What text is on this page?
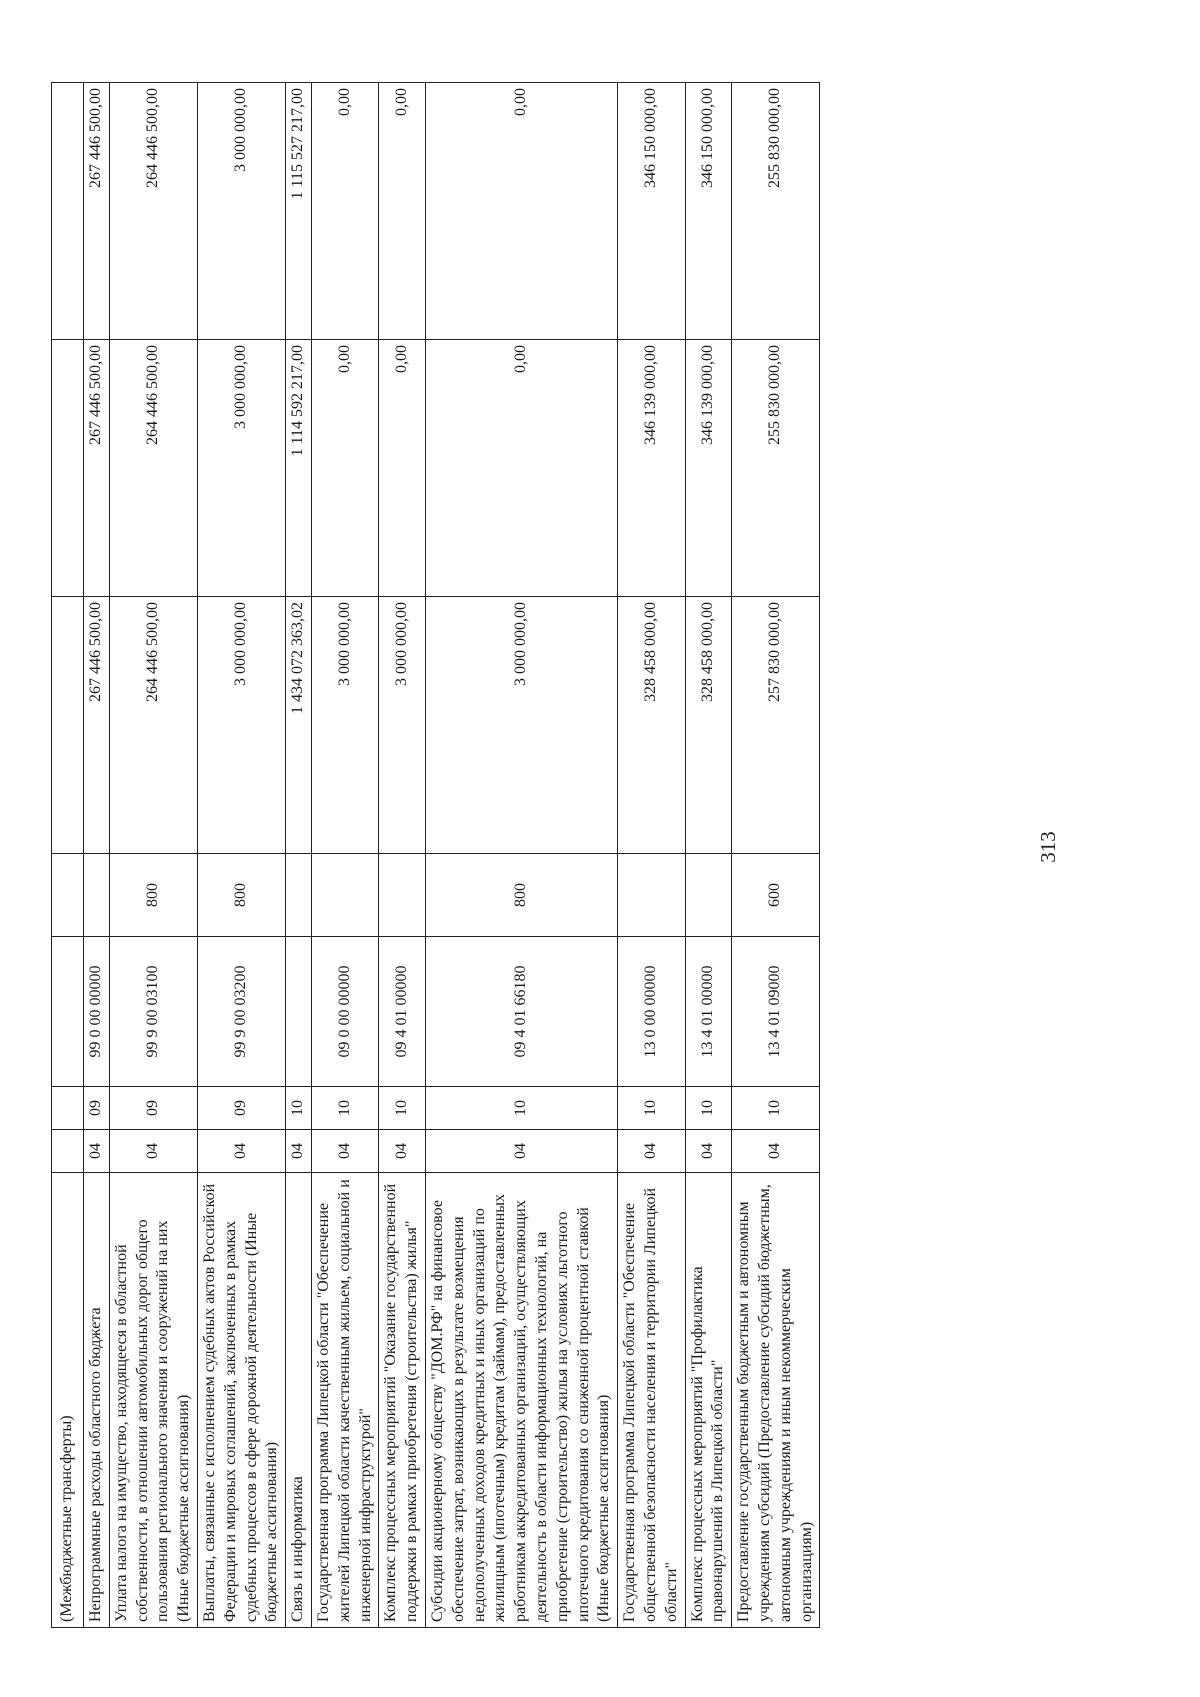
(Межбюджетные трансферты)							
Непрограммные расходы областного бюджета	04	09	99 0 00 00000		267 446 500,00	267 446 500,00	267 446 500,00
Уплата налога на имущество, находящееся в областной собственности, в отношении автомобильных дорог общего пользования регионального значения и сооружений на них (Иные бюджетные ассигнования)	04	09	99 9 00 03100	800	264 446 500,00	264 446 500,00	264 446 500,00
Выплаты, связанные с исполнением судебных актов Российской Федерации и мировых соглашений, заключенных в рамках судебных процессов в сфере дорожной деятельности (Иные бюджетные ассигнования)	04	09	99 9 00 03200	800	3 000 000,00	3 000 000,00	3 000 000,00
Связь и информатика	04	10			1 434 072 363,02	1 114 592 217,00	1 115 527 217,00
Государственная программа Липецкой области "Обеспечение жителей Липецкой области качественным жильем, социальной и инженерной инфраструктурой"	04	10	09 0 00 00000		3 000 000,00	0,00	0,00
Комплекс процессных мероприятий "Оказание государственной поддержки в рамках приобретения (строительства) жилья"	04	10	09 4 01 00000		3 000 000,00	0,00	0,00
Субсидии акционерному обществу "ДОМ.РФ" на финансовое обеспечение затрат, возникающих в результате возмещения недополученных доходов кредитных и иных организаций по жилищным (ипотечным) кредитам (займам), предоставленных работникам аккредитованных организаций, осуществляющих деятельность в области информационных технологий, на приобретение (строительство) жилья на условиях льготного ипотечного кредитования со сниженной процентной ставкой (Иные бюджетные ассигнования)	04	10	09 4 01 66180	800	3 000 000,00	0,00	0,00
Государственная программа Липецкой области "Обеспечение общественной безопасности населения и территории Липецкой области"	04	10	13 0 00 00000		328 458 000,00	346 139 000,00	346 150 000,00
Комплекс процессных мероприятий "Профилактика правонарушений в Липецкой области"	04	10	13 4 01 00000		328 458 000,00	346 139 000,00	346 150 000,00
Предоставление государственным бюджетным и автономным учреждениям субсидий (Предоставление субсидий бюджетным, автономным учреждениям и иным некоммерческим организациям)	04	10	13 4 01 09000	600	257 830 000,00	255 830 000,00	255 830 000,00
313
